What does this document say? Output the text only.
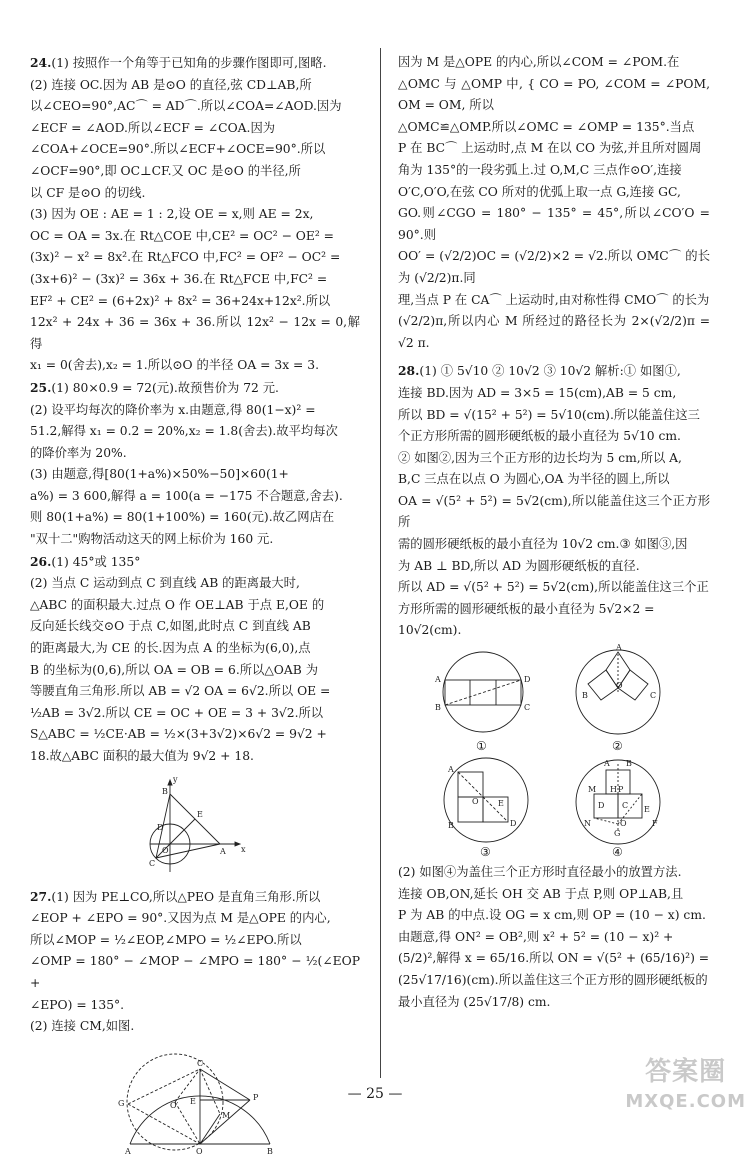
24.(1) 按照作一个角等于已知角的步骤作图即可,图略.

(2) 连接 OC.因为 AB 是⊙O 的直径,弦 CD⊥AB,所

以∠CEO=90°,AC⌒ = AD⌒.所以∠COA=∠AOD.因为

∠ECF = ∠AOD.所以∠ECF = ∠COA.因为

∠COA+∠OCE=90°.所以∠ECF+∠OCE=90°.所以

∠OCF=90°,即 OC⊥CF.又 OC 是⊙O 的半径,所

以 CF 是⊙O 的切线.

(3) 因为 OE : AE = 1 : 2,设 OE = x,则 AE = 2x,

OC = OA = 3x.在 Rt△COE 中,CE² = OC² − OE² =

(3x)² − x² = 8x².在 Rt△FCO 中,FC² = OF² − OC² =

(3x+6)² − (3x)² = 36x + 36.在 Rt△FCE 中,FC² =

EF² + CE² = (6+2x)² + 8x² = 36+24x+12x².所以

12x² + 24x + 36 = 36x + 36.所以 12x² − 12x = 0,解得

x₁ = 0(舍去),x₂ = 1.所以⊙O 的半径 OA = 3x = 3.

25.(1) 80×0.9 = 72(元).故预售价为 72 元.

(2) 设平均每次的降价率为 x.由题意,得 80(1−x)² =

51.2,解得 x₁ = 0.2 = 20%,x₂ = 1.8(舍去).故平均每次

的降价率为 20%.

(3) 由题意,得[80(1+a%)×50%−50]×60(1+

a%) = 3 600,解得 a = 100(a = −175 不合题意,舍去).

则 80(1+a%) = 80(1+100%) = 160(元).故乙网店在

"双十二"购物活动这天的网上标价为 160 元.

26.(1) 45°或 135°

(2) 当点 C 运动到点 C 到直线 AB 的距离最大时,

△ABC 的面积最大.过点 O 作 OE⊥AB 于点 E,OE 的

反向延长线交⊙O 于点 C,如图,此时点 C 到直线 AB

的距离最大,为 CE 的长.因为点 A 的坐标为(6,0),点

B 的坐标为(0,6),所以 OA = OB = 6.所以△OAB 为

等腰直角三角形.所以 AB = √2 OA = 6√2.所以 OE =

½AB = 3√2.所以 CE = OC + OE = 3 + 3√2.所以

S△ABC = ½CE·AB = ½×(3+3√2)×6√2 = 9√2 +

18.故△ABC 面积的最大值为 9√2 + 18.

y
x
B
E
D
A
O
C

27.(1) 因为 PE⊥CO,所以△PEO 是直角三角形.所以

∠EOP + ∠EPO = 90°.又因为点 M 是△OPE 的内心,

所以∠MOP = ½∠EOP,∠MPO = ½∠EPO.所以

∠OMP = 180° − ∠MOP − ∠MPO = 180° − ½(∠EOP +

∠EPO) = 135°.

(2) 连接 CM,如图.

C
P
E
M
O′
G
A	O	B

因为 M 是△OPE 的内心,所以∠COM = ∠POM.在

△OMC 与 △OMP 中, { CO = PO, ∠COM = ∠POM, OM = OM, 所以

△OMC≌△OMP.所以∠OMC = ∠OMP = 135°.当点

P 在 BC⌒ 上运动时,点 M 在以 CO 为弦,并且所对圆周

角为 135°的一段劣弧上.过 O,M,C 三点作⊙O′,连接

O′C,O′O,在弦 CO 所对的优弧上取一点 G,连接 GC,

GO.则∠CGO = 180° − 135° = 45°,所以∠CO′O = 90°.则

OO′ = (√2/2)OC = (√2/2)×2 = √2.所以 OMC⌒ 的长为 (√2/2)π.同

理,当点 P 在 CA⌒ 上运动时,由对称性得 CMO⌒ 的长为

(√2/2)π,所以内心 M 所经过的路径长为 2×(√2/2)π = √2 π.

28.(1) ① 5√10 ② 10√2 ③ 10√2 解析:① 如图①,

连接 BD.因为 AD = 3×5 = 15(cm),AB = 5 cm,

所以 BD = √(15² + 5²) = 5√10(cm).所以能盖住这三

个正方形所需的圆形硬纸板的最小直径为 5√10 cm.

② 如图②,因为三个正方形的边长均为 5 cm,所以 A,

B,C 三点在以点 O 为圆心,OA 为半径的圆上,所以

OA = √(5² + 5²) = 5√2(cm),所以能盖住这三个正方形所

需的圆形硬纸板的最小直径为 10√2 cm.③ 如图③,因

为 AB ⊥ BD,所以 AD 为圆形硬纸板的直径.

所以 AD = √(5² + 5²) = 5√2(cm),所以能盖住这三个正

方形所需的圆形硬纸板的最小直径为 5√2×2 =

10√2(cm).

A
B
D
C
①
A
O
B	C
②
A
B	D
E
O
③
A B
M H P
D C
O
E
N
G
F
④

(2) 如图④为盖住三个正方形时直径最小的放置方法.

连接 OB,ON,延长 OH 交 AB 于点 P,则 OP⊥AB,且

P 为 AB 的中点.设 OG = x cm,则 OP = (10 − x) cm.

由题意,得 ON² = OB²,则 x² + 5² = (10 − x)² +

(5/2)²,解得 x = 65/16.所以 ON = √(5² + (65/16)²) =

(25√17/16)(cm).所以盖住这三个正方形的圆形硬纸板的

最小直径为 (25√17/8) cm.

— 25 —
答案圈
MXQE.COM
